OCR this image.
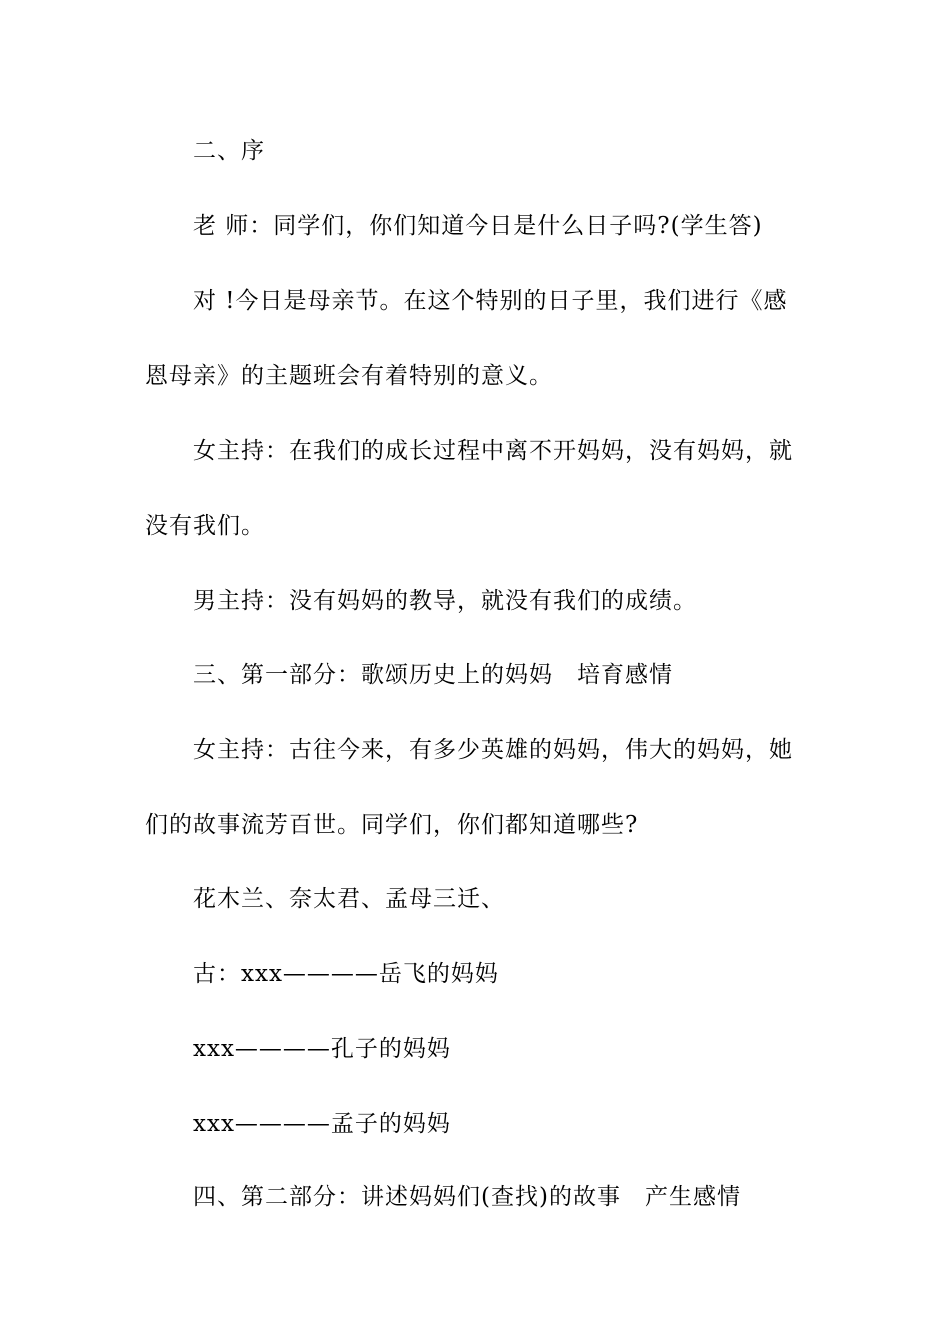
二、序
老 师：同学们，你们知道今日是什么日子吗?(学生答)
对 !今日是母亲节。在这个特别的日子里，我们进行《感
恩母亲》的主题班会有着特别的意义。
女主持：在我们的成长过程中离不开妈妈，没有妈妈，就
没有我们。
男主持：没有妈妈的教导，就没有我们的成绩。
三、第一部分：歌颂历史上的妈妈　培育感情
女主持：古往今来，有多少英雄的妈妈，伟大的妈妈，她
们的故事流芳百世。同学们，你们都知道哪些?
花木兰、奈太君、孟母三迁、
古：xxx————岳飞的妈妈
xxx————孔子的妈妈
xxx————孟子的妈妈
四、第二部分：讲述妈妈们(查找)的故事　产生感情
